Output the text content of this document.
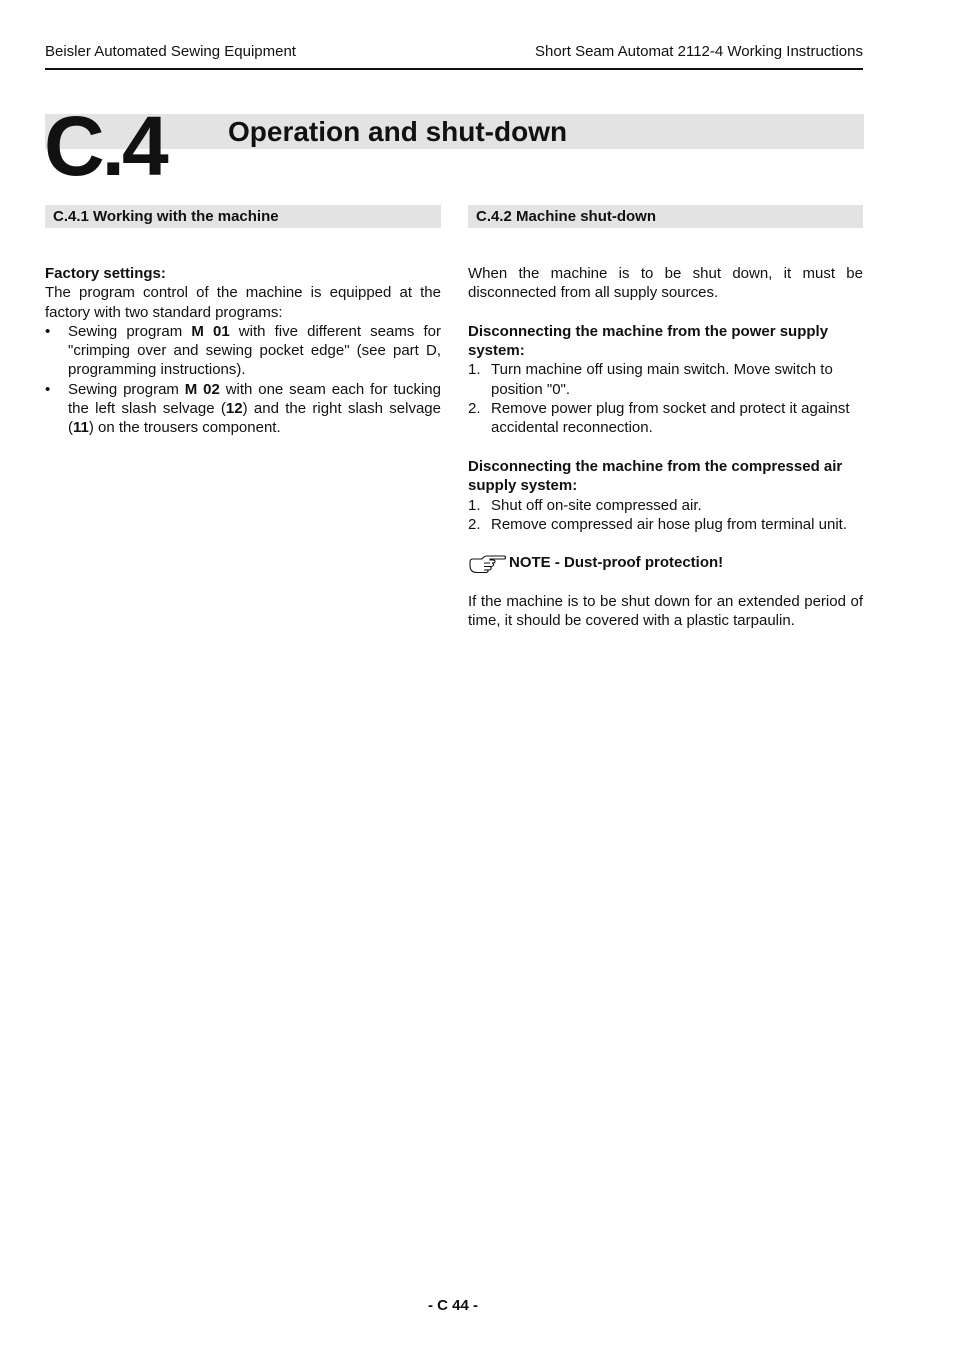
Beisler Automated Sewing Equipment	Short Seam Automat 2112-4 Working Instructions
C.4 Operation and shut-down
C.4.1 Working with the machine	C.4.2 Machine shut-down

Factory settings:

The program control of the machine is equipped at the factory with two standard programs:

•	Sewing program M 01 with five different seams for "crimping over and sewing pocket edge" (see part D, programming instructions).
•	Sewing program M 02 with one seam each for tucking the left slash selvage (12) and the right slash selvage (11) on the trousers component.

When the machine is to be shut down, it must be disconnected from all supply sources.

Disconnecting the machine from the power supply system:

1. Turn machine off using main switch. Move switch to position "0".
2. Remove power plug from socket and protect it against accidental reconnection.

Disconnecting the machine from the compressed air supply system:

1. Shut off on-site compressed air.
2. Remove compressed air hose plug from terminal unit.
NOTE - Dust-proof protection!

If the machine is to be shut down for an extended period of time, it should be covered with a plastic tarpaulin.

- C 44 -
